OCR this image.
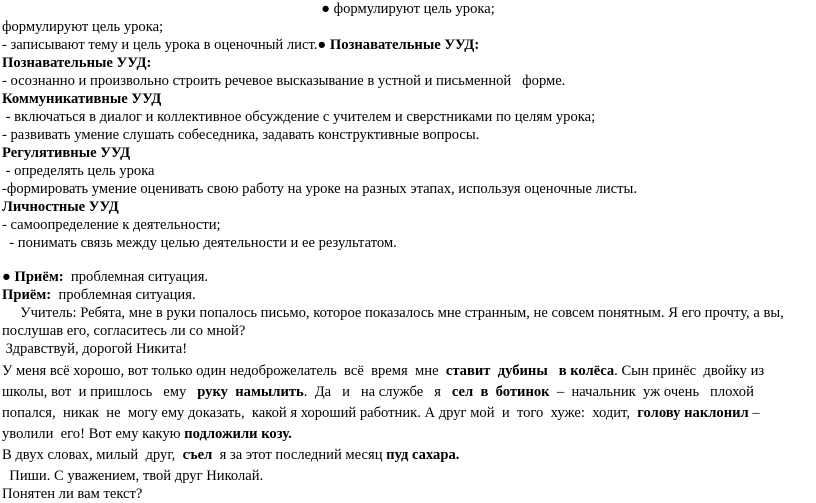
● формулируют цель урока;
формулируют цель урока;
- записывают тему и цель урока в оценочный лист.● Познавательные УУД:
Познавательные УУД:
- осознанно и произвольно строить речевое высказывание в устной и письменной   форме.
Коммуникативные УУД
- включаться в диалог и коллективное обсуждение с учителем и сверстниками по целям урока;
- развивать умение слушать собеседника, задавать конструктивные вопросы.
Регулятивные УУД
- определять цель урока
-формировать умение оценивать свою работу на уроке на разных этапах, используя оценочные листы.
Личностные УУД
- самоопределение к деятельности;
- понимать связь между целью деятельности и ее результатом.
● Приём:  проблемная ситуация.
Приём:  проблемная ситуация.
Учитель: Ребята, мне в руки попалось письмо, которое показалось мне странным, не совсем понятным. Я его прочту, а вы,
послушав его, согласитесь ли со мной?
Здравствуй, дорогой Никита!
У меня всё хорошо, вот только один недоброжелатель  всё  время  мне  ставит  дубины в колёса. Сын принёс  двойку из
школы, вот  и пришлось   ему   руку  намылить.  Да   и   на службе   я   сел  в  ботинок  –  начальник  уж очень   плохой
попался,  никак  не  могу ему доказать,  какой я хороший работник. А друг мой  и  того  хуже:  ходит,  голову наклонил –
уволили  его! Вот ему какую подложили козу.
В двух словах, милый  друг,  съел  я за этот последний месяц пуд сахара.
Пиши. С уважением, твой друг Николай.
Понятен ли вам текст?
